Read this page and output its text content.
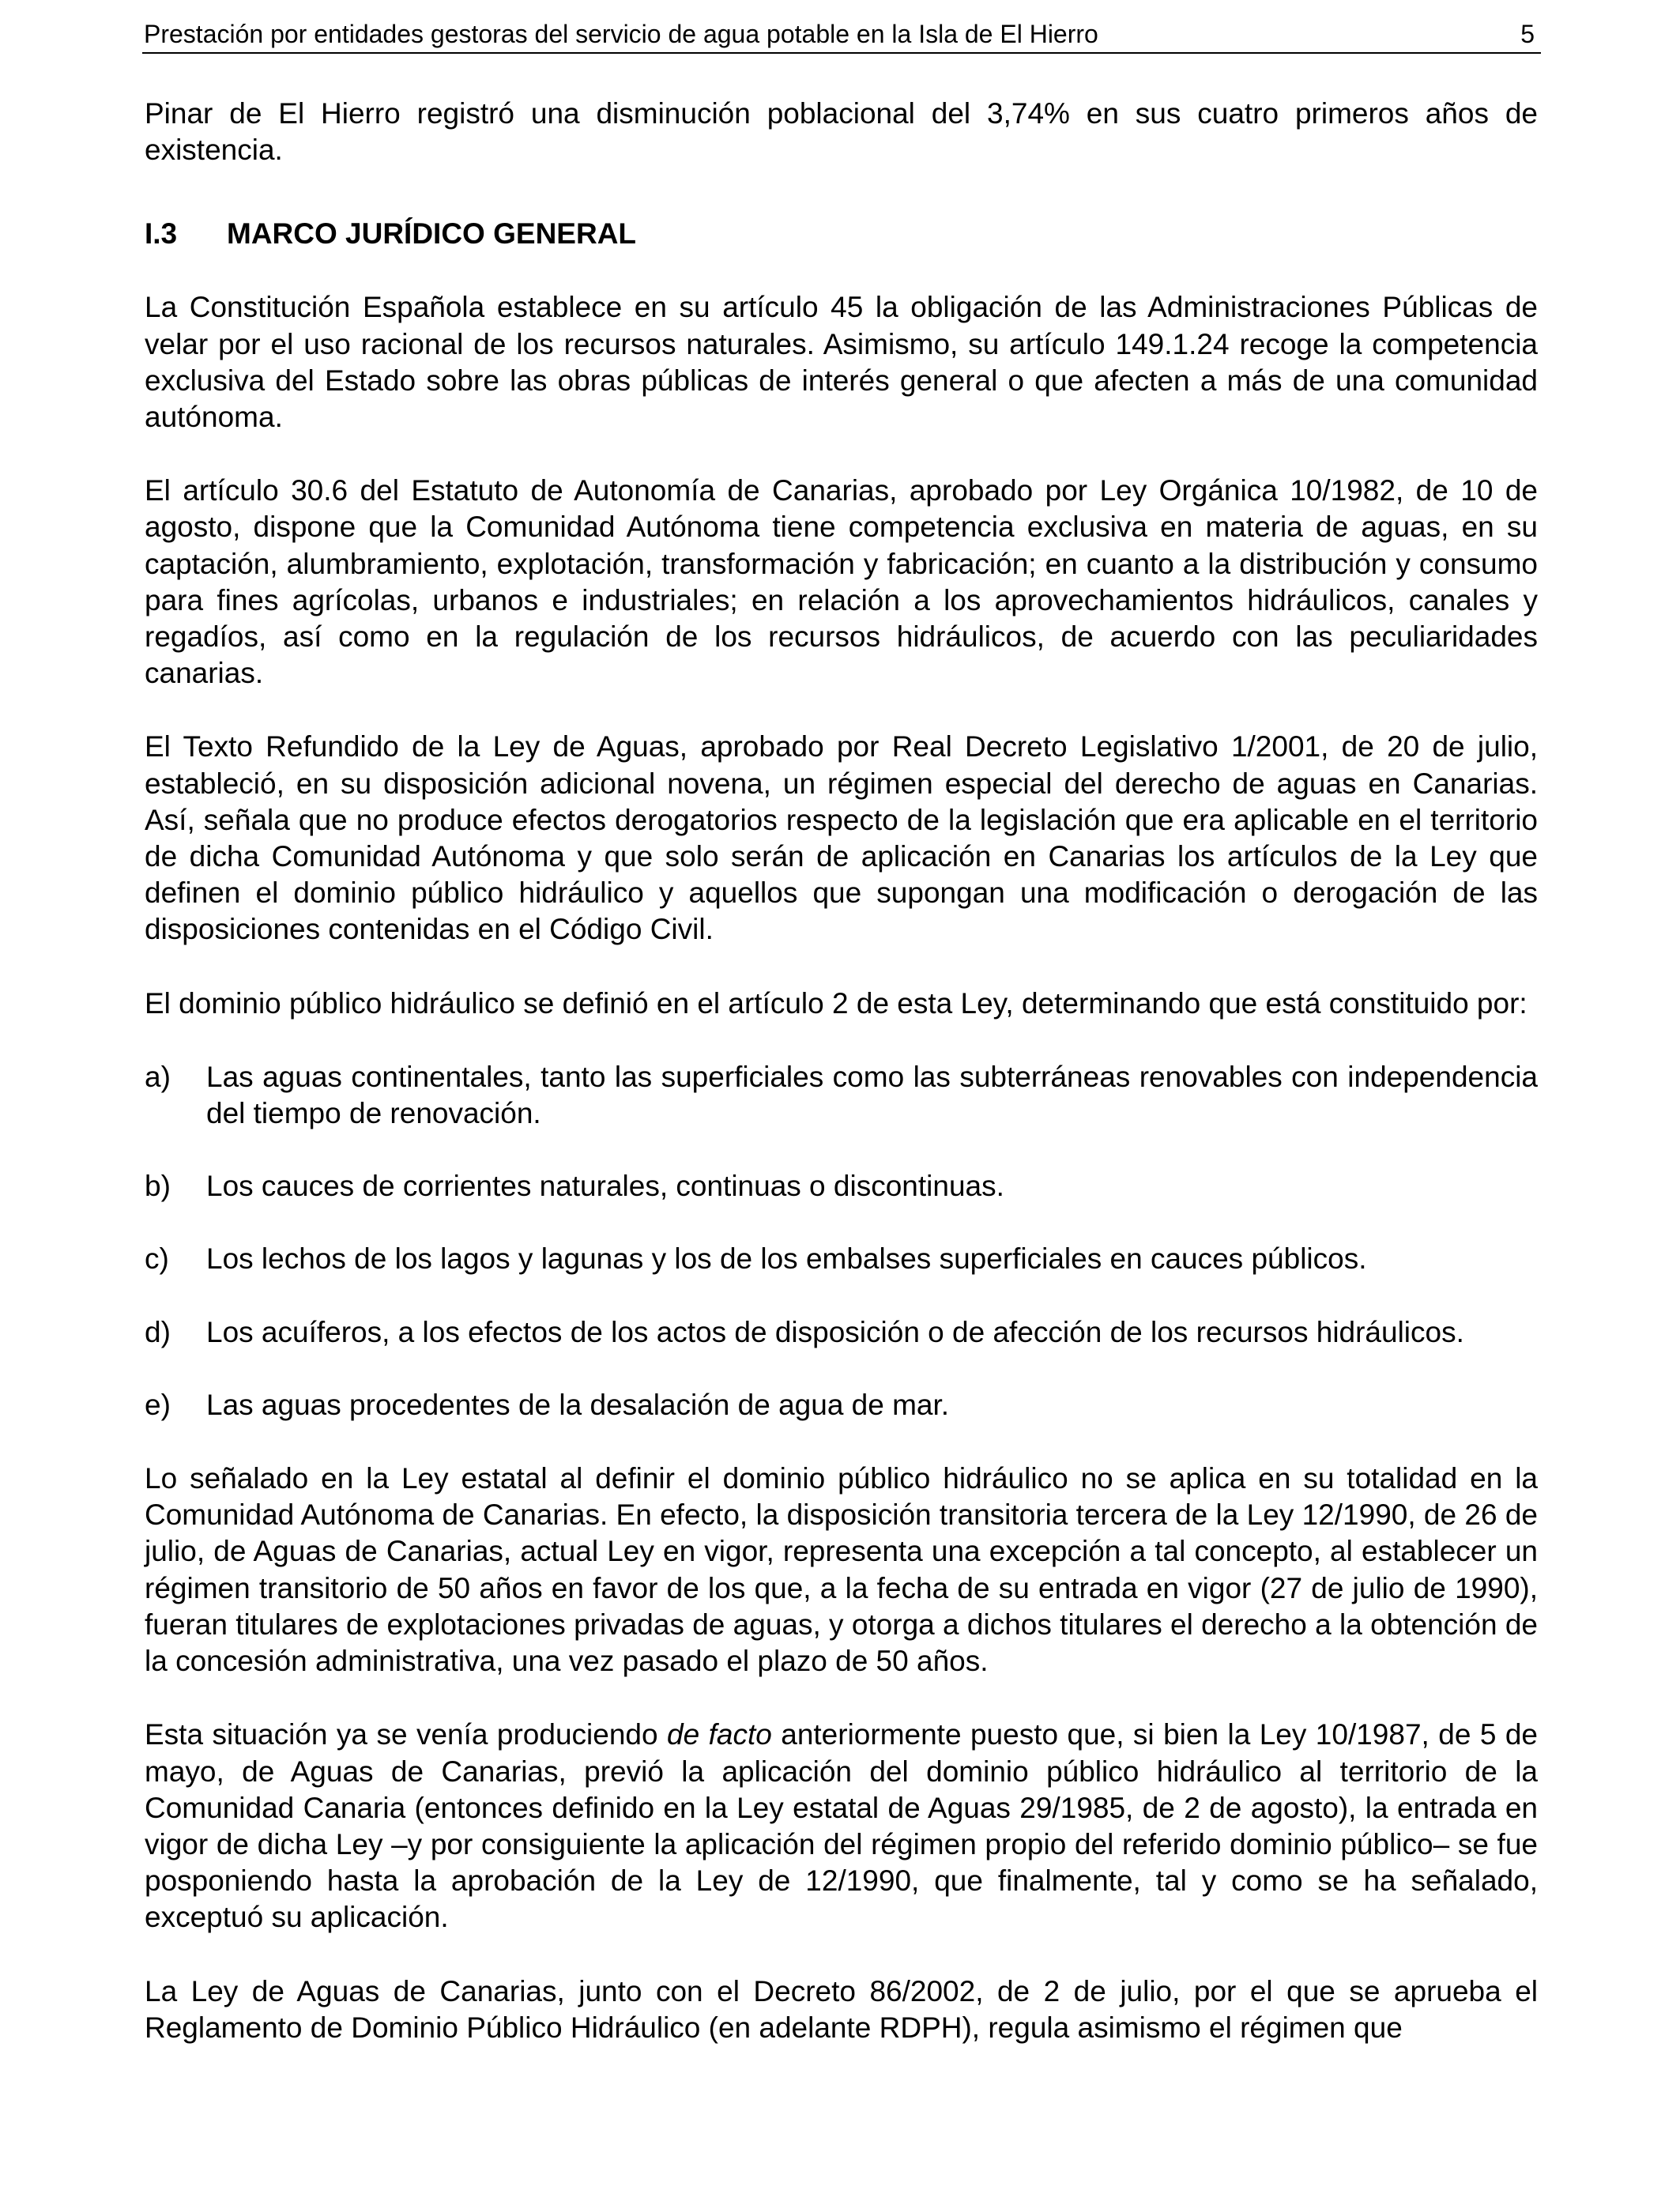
Prestación por entidades gestoras del servicio de agua potable en la Isla de El Hierro	5

Pinar de El Hierro registró una disminución poblacional del 3,74% en sus cuatro primeros años de existencia.

I.3	MARCO JURÍDICO GENERAL

La Constitución Española establece en su artículo 45 la obligación de las Administraciones Públicas de velar por el uso racional de los recursos naturales. Asimismo, su artículo 149.1.24 recoge la competencia exclusiva del Estado sobre las obras públicas de interés general o que afecten a más de una comunidad autónoma.

El artículo 30.6 del Estatuto de Autonomía de Canarias, aprobado por Ley Orgánica 10/1982, de 10 de agosto, dispone que la Comunidad Autónoma tiene competencia exclusiva en materia de aguas, en su captación, alumbramiento, explotación, transformación y fabricación; en cuanto a la distribución y consumo para fines agrícolas, urbanos e industriales; en relación a los aprovechamientos hidráulicos, canales y regadíos, así como en la regulación de los recursos hidráulicos, de acuerdo con las peculiaridades canarias.

El Texto Refundido de la Ley de Aguas, aprobado por Real Decreto Legislativo 1/2001, de 20 de julio, estableció, en su disposición adicional novena, un régimen especial del derecho de aguas en Canarias. Así, señala que no produce efectos derogatorios respecto de la legislación que era aplicable en el territorio de dicha Comunidad Autónoma y que solo serán de aplicación en Canarias los artículos de la Ley que definen el dominio público hidráulico y aquellos que supongan una modificación o derogación de las disposiciones contenidas en el Código Civil.

El dominio público hidráulico se definió en el artículo 2 de esta Ley, determinando que está constituido por:

a)	Las aguas continentales, tanto las superficiales como las subterráneas renovables con independencia del tiempo de renovación.
b)	Los cauces de corrientes naturales, continuas o discontinuas.
c)	Los lechos de los lagos y lagunas y los de los embalses superficiales en cauces públicos.
d)	Los acuíferos, a los efectos de los actos de disposición o de afección de los recursos hidráulicos.
e)	Las aguas procedentes de la desalación de agua de mar.

Lo señalado en la Ley estatal al definir el dominio público hidráulico no se aplica en su totalidad en la Comunidad Autónoma de Canarias. En efecto, la disposición transitoria tercera de la Ley 12/1990, de 26 de julio, de Aguas de Canarias, actual Ley en vigor, representa una excepción a tal concepto, al establecer un régimen transitorio de 50 años en favor de los que, a la fecha de su entrada en vigor (27 de julio de 1990), fueran titulares de explotaciones privadas de aguas, y otorga a dichos titulares el derecho a la obtención de la concesión administrativa, una vez pasado el plazo de 50 años.

Esta situación ya se venía produciendo de facto anteriormente puesto que, si bien la Ley 10/1987, de 5 de mayo, de Aguas de Canarias, previó la aplicación del dominio público hidráulico al territorio de la Comunidad Canaria (entonces definido en la Ley estatal de Aguas 29/1985, de 2 de agosto), la entrada en vigor de dicha Ley –y por consiguiente la aplicación del régimen propio del referido dominio público– se fue posponiendo hasta la aprobación de la Ley de 12/1990, que finalmente, tal y como se ha señalado, exceptuó su aplicación.

La Ley de Aguas de Canarias, junto con el Decreto 86/2002, de 2 de julio, por el que se aprueba el Reglamento de Dominio Público Hidráulico (en adelante RDPH), regula asimismo el régimen que
